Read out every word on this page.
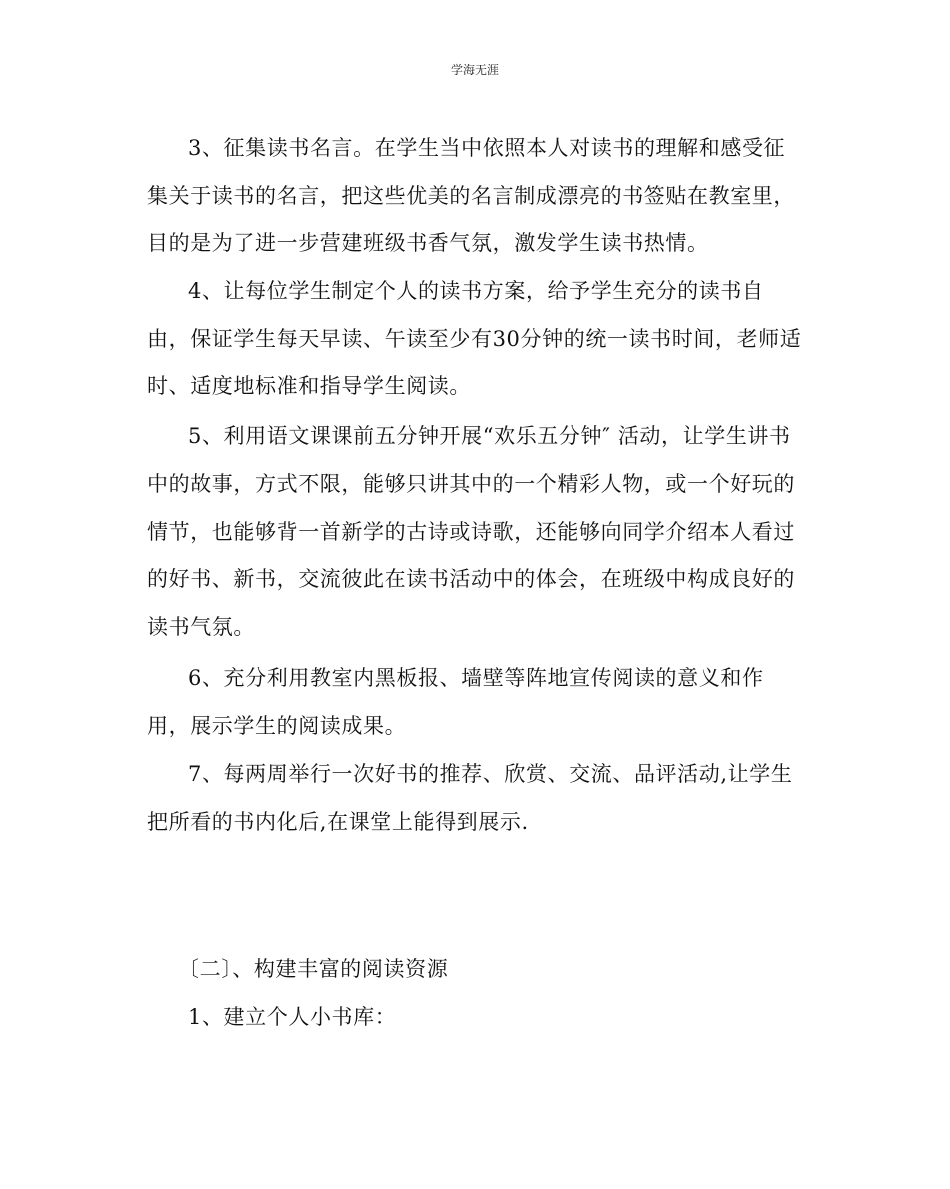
学海无涯
3、征集读书名言。在学生当中依照本人对读书的理解和感受征
集关于读书的名言，把这些优美的名言制成漂亮的书签贴在教室里，
目的是为了进一步营建班级书香气氛，激发学生读书热情。
4、让每位学生制定个人的读书方案，给予学生充分的读书自
由，保证学生每天早读、午读至少有30分钟的统一读书时间，老师适
时、适度地标准和指导学生阅读。
5、利用语文课课前五分钟开展“欢乐五分钟″ 活动，让学生讲书
中的故事，方式不限，能够只讲其中的一个精彩人物，或一个好玩的
情节，也能够背一首新学的古诗或诗歌，还能够向同学介绍本人看过
的好书、新书，交流彼此在读书活动中的体会，在班级中构成良好的
读书气氛。
6、充分利用教室内黑板报、墙壁等阵地宣传阅读的意义和作
用，展示学生的阅读成果。
7、每两周举行一次好书的推荐、欣赏、交流、品评活动,让学生
把所看的书内化后,在课堂上能得到展示.
〔二〕、构建丰富的阅读资源
1、建立个人小书库：
